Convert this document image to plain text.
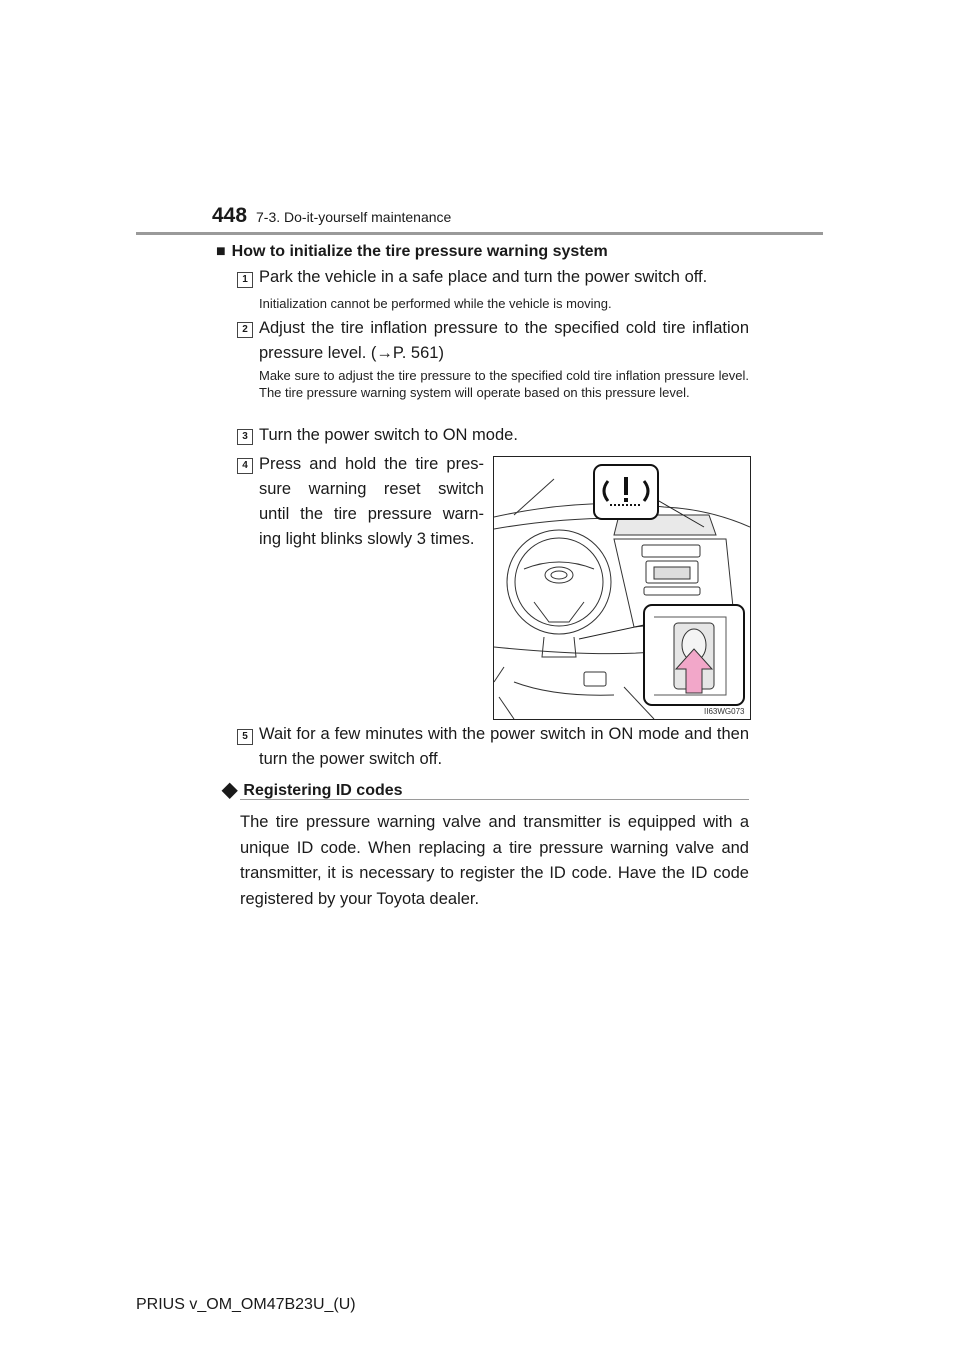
448 7-3. Do-it-yourself maintenance
■ How to initialize the tire pressure warning system
1 Park the vehicle in a safe place and turn the power switch off.
Initialization cannot be performed while the vehicle is moving.
2 Adjust the tire inflation pressure to the specified cold tire inflation pressure level. (→P. 561)
Make sure to adjust the tire pressure to the specified cold tire inflation pressure level. The tire pressure warning system will operate based on this pressure level.
3 Turn the power switch to ON mode.
4 Press and hold the tire pres-
sure warning reset switch
until the tire pressure warn-
ing light blinks slowly 3 times.
II63WG073
5 Wait for a few minutes with the power switch in ON mode and then turn the power switch off.
◆ Registering ID codes
The tire pressure warning valve and transmitter is equipped with a unique ID code. When replacing a tire pressure warning valve and transmitter, it is necessary to register the ID code. Have the ID code registered by your Toyota dealer.
PRIUS v_OM_OM47B23U_(U)
